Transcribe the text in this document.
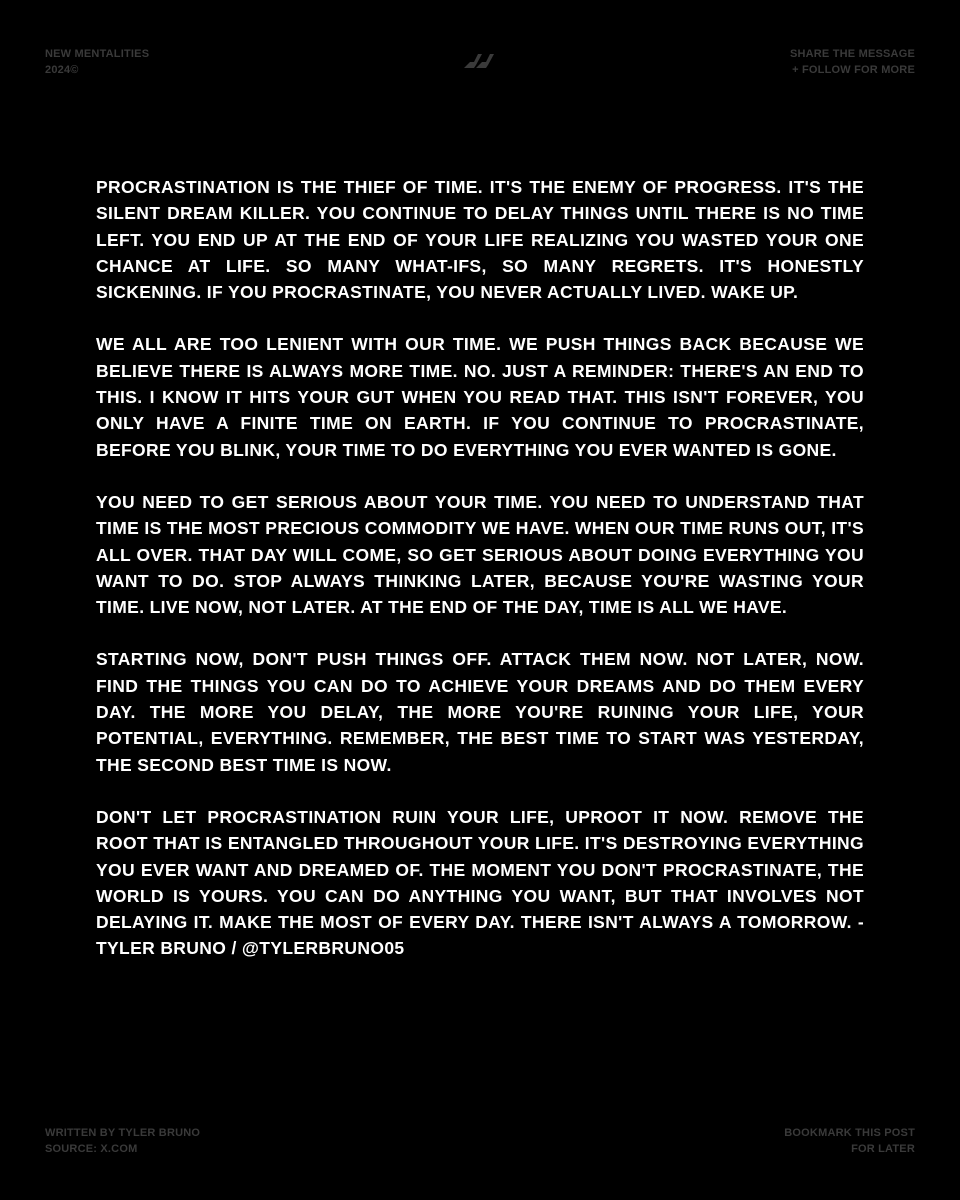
NEW MENTALITIES
2024©
SHARE THE MESSAGE
+ FOLLOW FOR MORE

PROCRASTINATION IS THE THIEF OF TIME. IT'S THE ENEMY OF PROGRESS. IT'S THE SILENT DREAM KILLER. YOU CONTINUE TO DELAY THINGS UNTIL THERE IS NO TIME LEFT. YOU END UP AT THE END OF YOUR LIFE REALIZING YOU WASTED YOUR ONE CHANCE AT LIFE. SO MANY WHAT-IFS, SO MANY REGRETS. IT'S HONESTLY SICKENING. IF YOU PROCRASTINATE, YOU NEVER ACTUALLY LIVED. WAKE UP.

WE ALL ARE TOO LENIENT WITH OUR TIME. WE PUSH THINGS BACK BECAUSE WE BELIEVE THERE IS ALWAYS MORE TIME. NO. JUST A REMINDER: THERE'S AN END TO THIS. I KNOW IT HITS YOUR GUT WHEN YOU READ THAT. THIS ISN'T FOREVER, YOU ONLY HAVE A FINITE TIME ON EARTH. IF YOU CONTINUE TO PROCRASTINATE, BEFORE YOU BLINK, YOUR TIME TO DO EVERYTHING YOU EVER WANTED IS GONE.

YOU NEED TO GET SERIOUS ABOUT YOUR TIME. YOU NEED TO UNDERSTAND THAT TIME IS THE MOST PRECIOUS COMMODITY WE HAVE. WHEN OUR TIME RUNS OUT, IT'S ALL OVER. THAT DAY WILL COME, SO GET SERIOUS ABOUT DOING EVERYTHING YOU WANT TO DO. STOP ALWAYS THINKING LATER, BECAUSE YOU'RE WASTING YOUR TIME. LIVE NOW, NOT LATER. AT THE END OF THE DAY, TIME IS ALL WE HAVE.

STARTING NOW, DON'T PUSH THINGS OFF. ATTACK THEM NOW. NOT LATER, NOW. FIND THE THINGS YOU CAN DO TO ACHIEVE YOUR DREAMS AND DO THEM EVERY DAY. THE MORE YOU DELAY, THE MORE YOU'RE RUINING YOUR LIFE, YOUR POTENTIAL, EVERYTHING. REMEMBER, THE BEST TIME TO START WAS YESTERDAY, THE SECOND BEST TIME IS NOW.

DON'T LET PROCRASTINATION RUIN YOUR LIFE, UPROOT IT NOW. REMOVE THE ROOT THAT IS ENTANGLED THROUGHOUT YOUR LIFE. IT'S DESTROYING EVERYTHING YOU EVER WANT AND DREAMED OF. THE MOMENT YOU DON'T PROCRASTINATE, THE WORLD IS YOURS. YOU CAN DO ANYTHING YOU WANT, BUT THAT INVOLVES NOT DELAYING IT. MAKE THE MOST OF EVERY DAY. THERE ISN'T ALWAYS A TOMORROW. - TYLER BRUNO / @TYLERBRUNO05

WRITTEN BY TYLER BRUNO
SOURCE: X.COM
BOOKMARK THIS POST
FOR LATER
